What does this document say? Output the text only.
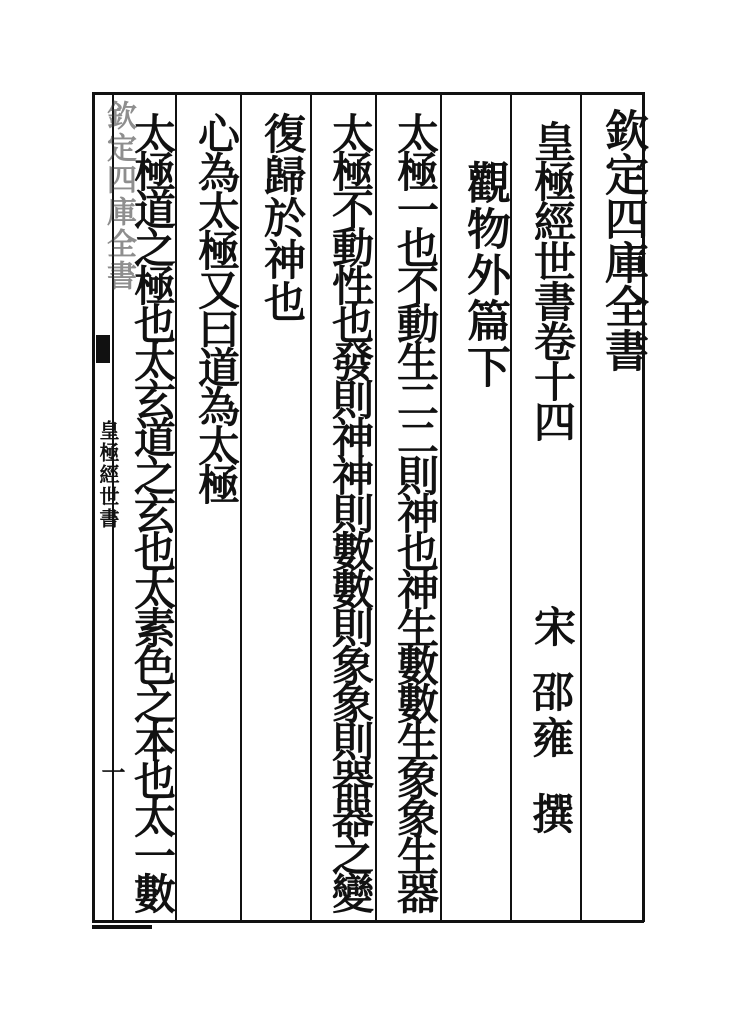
欽定四庫全書
皇極經世書卷十四
宋
邵雍
撰
觀物外篇下
太極一也不動生二二則神也神生數數生象象生器
太極不動性也發則神神則數數則象象則器器之變
復歸於神也
心為太極又曰道為太極
太極道之極也太玄道之玄也太素色之本也太一數
欽定四庫全書
皇極經世書
一
